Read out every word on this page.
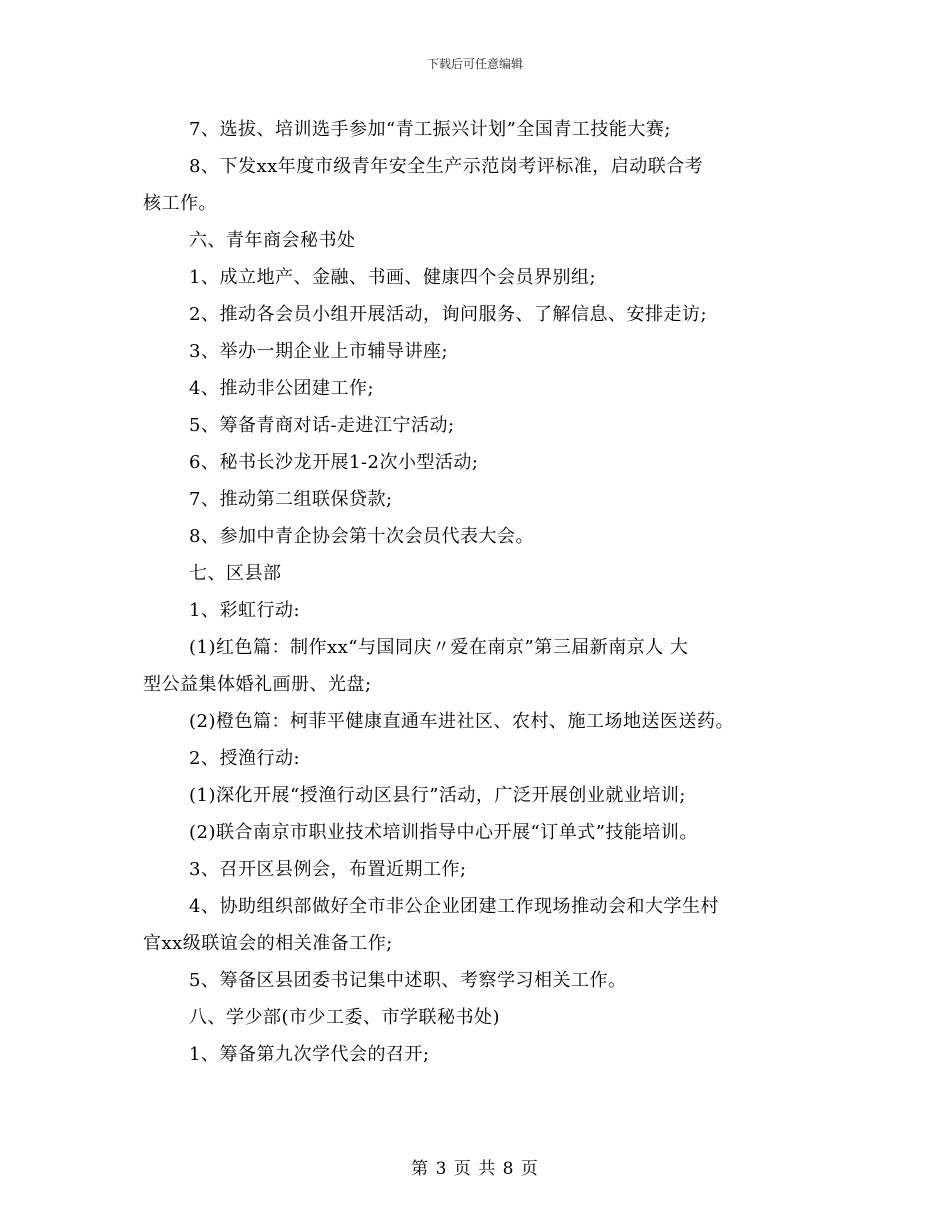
下载后可任意编辑
7、选拔、培训选手参加“青工振兴计划”全国青工技能大赛;
8、下发xx年度市级青年安全生产示范岗考评标准，启动联合考
核工作。
六、青年商会秘书处
1、成立地产、金融、书画、健康四个会员界别组;
2、推动各会员小组开展活动，询问服务、了解信息、安排走访;
3、举办一期企业上市辅导讲座;
4、推动非公团建工作;
5、筹备青商对话-走进江宁活动;
6、秘书长沙龙开展1-2次小型活动;
7、推动第二组联保贷款;
8、参加中青企协会第十次会员代表大会。
七、区县部
1、彩虹行动:
(1)红色篇：制作xx“与国同庆〃爱在南京”第三届新南京人 大
型公益集体婚礼画册、光盘;
(2)橙色篇：柯菲平健康直通车进社区、农村、施工场地送医送药。
2、授渔行动:
(1)深化开展“授渔行动区县行”活动，广泛开展创业就业培训;
(2)联合南京市职业技术培训指导中心开展“订单式”技能培训。
3、召开区县例会，布置近期工作;
4、协助组织部做好全市非公企业团建工作现场推动会和大学生村
官xx级联谊会的相关准备工作;
5、筹备区县团委书记集中述职、考察学习相关工作。
八、学少部(市少工委、市学联秘书处)
1、筹备第九次学代会的召开;
第 3 页 共 8 页
